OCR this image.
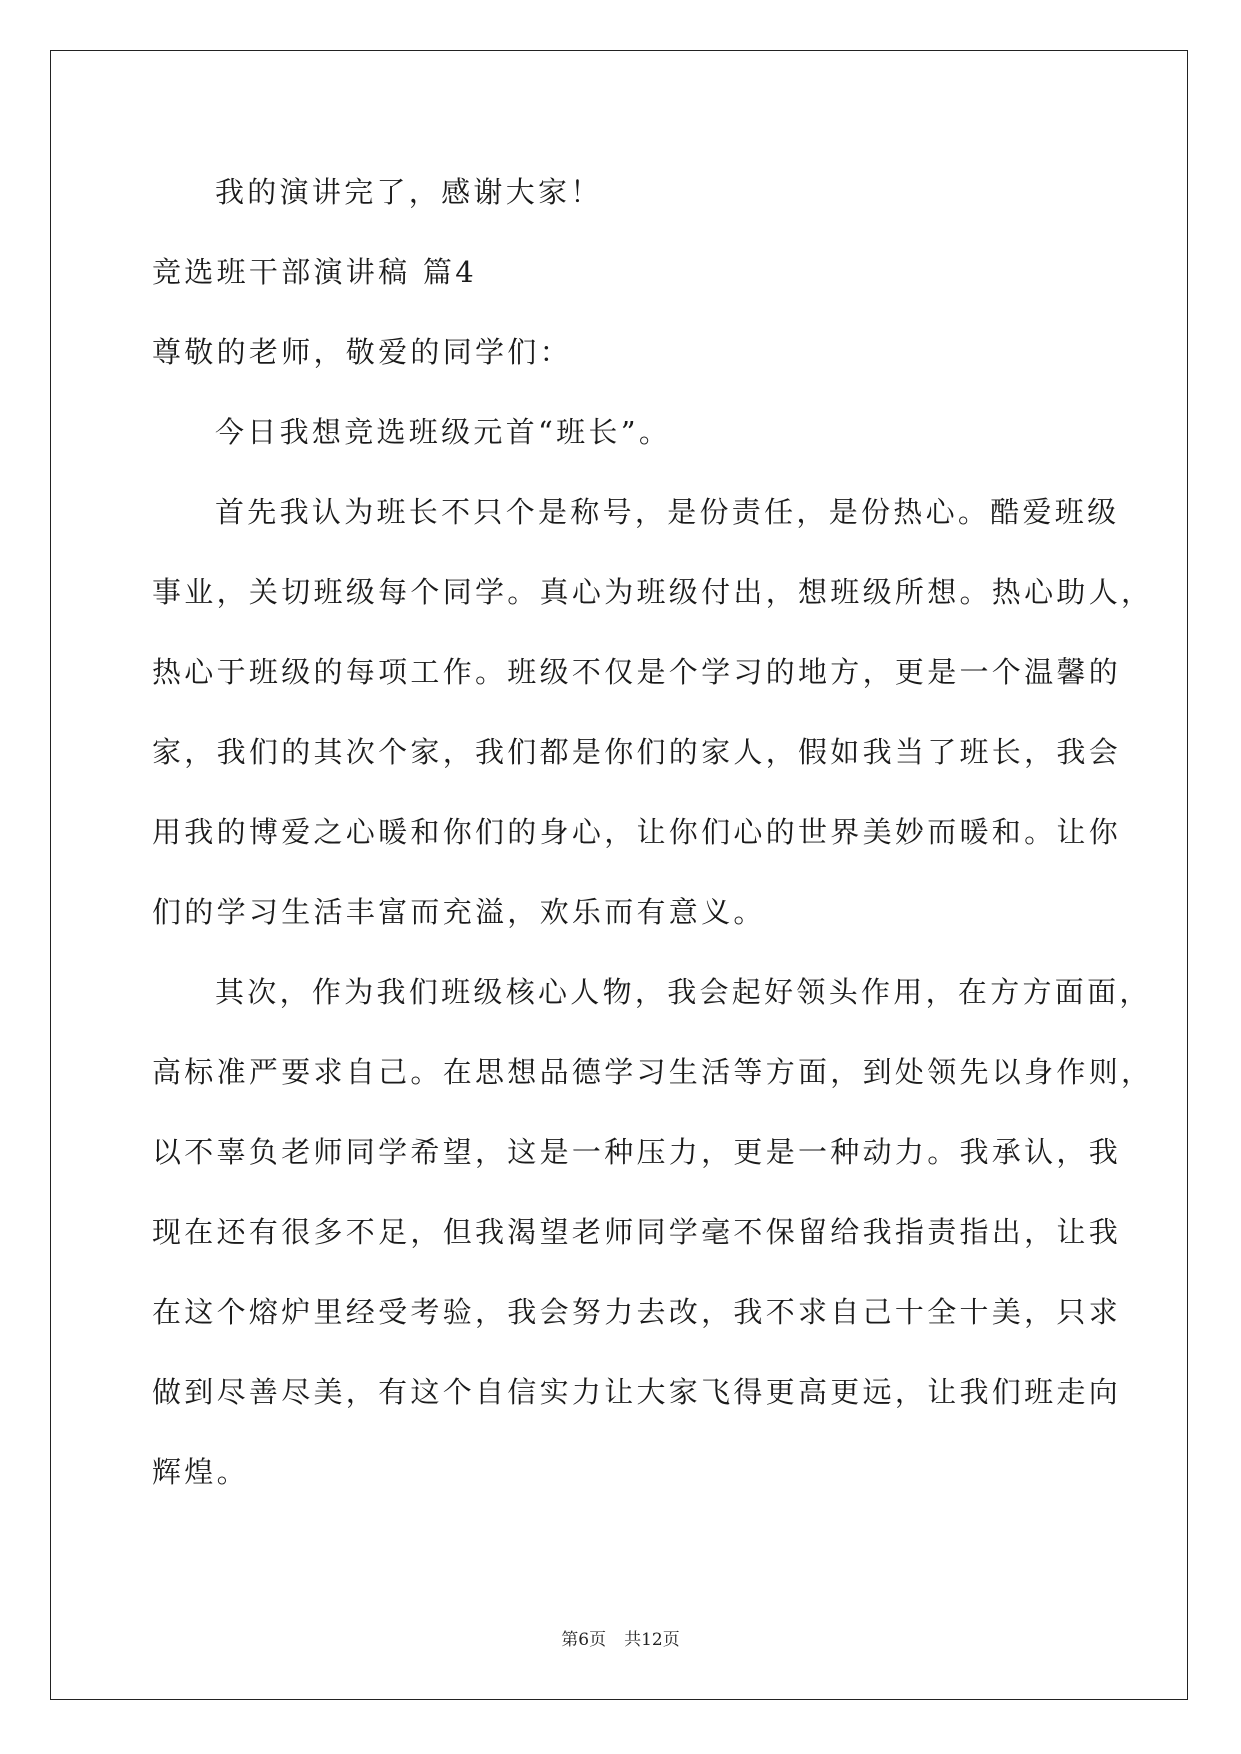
我的演讲完了，感谢大家！
竞选班干部演讲稿 篇4
尊敬的老师，敬爱的同学们：
今日我想竞选班级元首“班长”。
首先我认为班长不只个是称号，是份责任，是份热心。酷爱班级
事业，关切班级每个同学。真心为班级付出，想班级所想。热心助人，
热心于班级的每项工作。班级不仅是个学习的地方，更是一个温馨的
家，我们的其次个家，我们都是你们的家人，假如我当了班长，我会
用我的博爱之心暖和你们的身心，让你们心的世界美妙而暖和。让你
们的学习生活丰富而充溢，欢乐而有意义。
其次，作为我们班级核心人物，我会起好领头作用，在方方面面，
高标准严要求自己。在思想品德学习生活等方面，到处领先以身作则，
以不辜负老师同学希望，这是一种压力，更是一种动力。我承认，我
现在还有很多不足，但我渴望老师同学毫不保留给我指责指出，让我
在这个熔炉里经受考验，我会努力去改，我不求自己十全十美，只求
做到尽善尽美，有这个自信实力让大家飞得更高更远，让我们班走向
辉煌。
第6页 共12页
